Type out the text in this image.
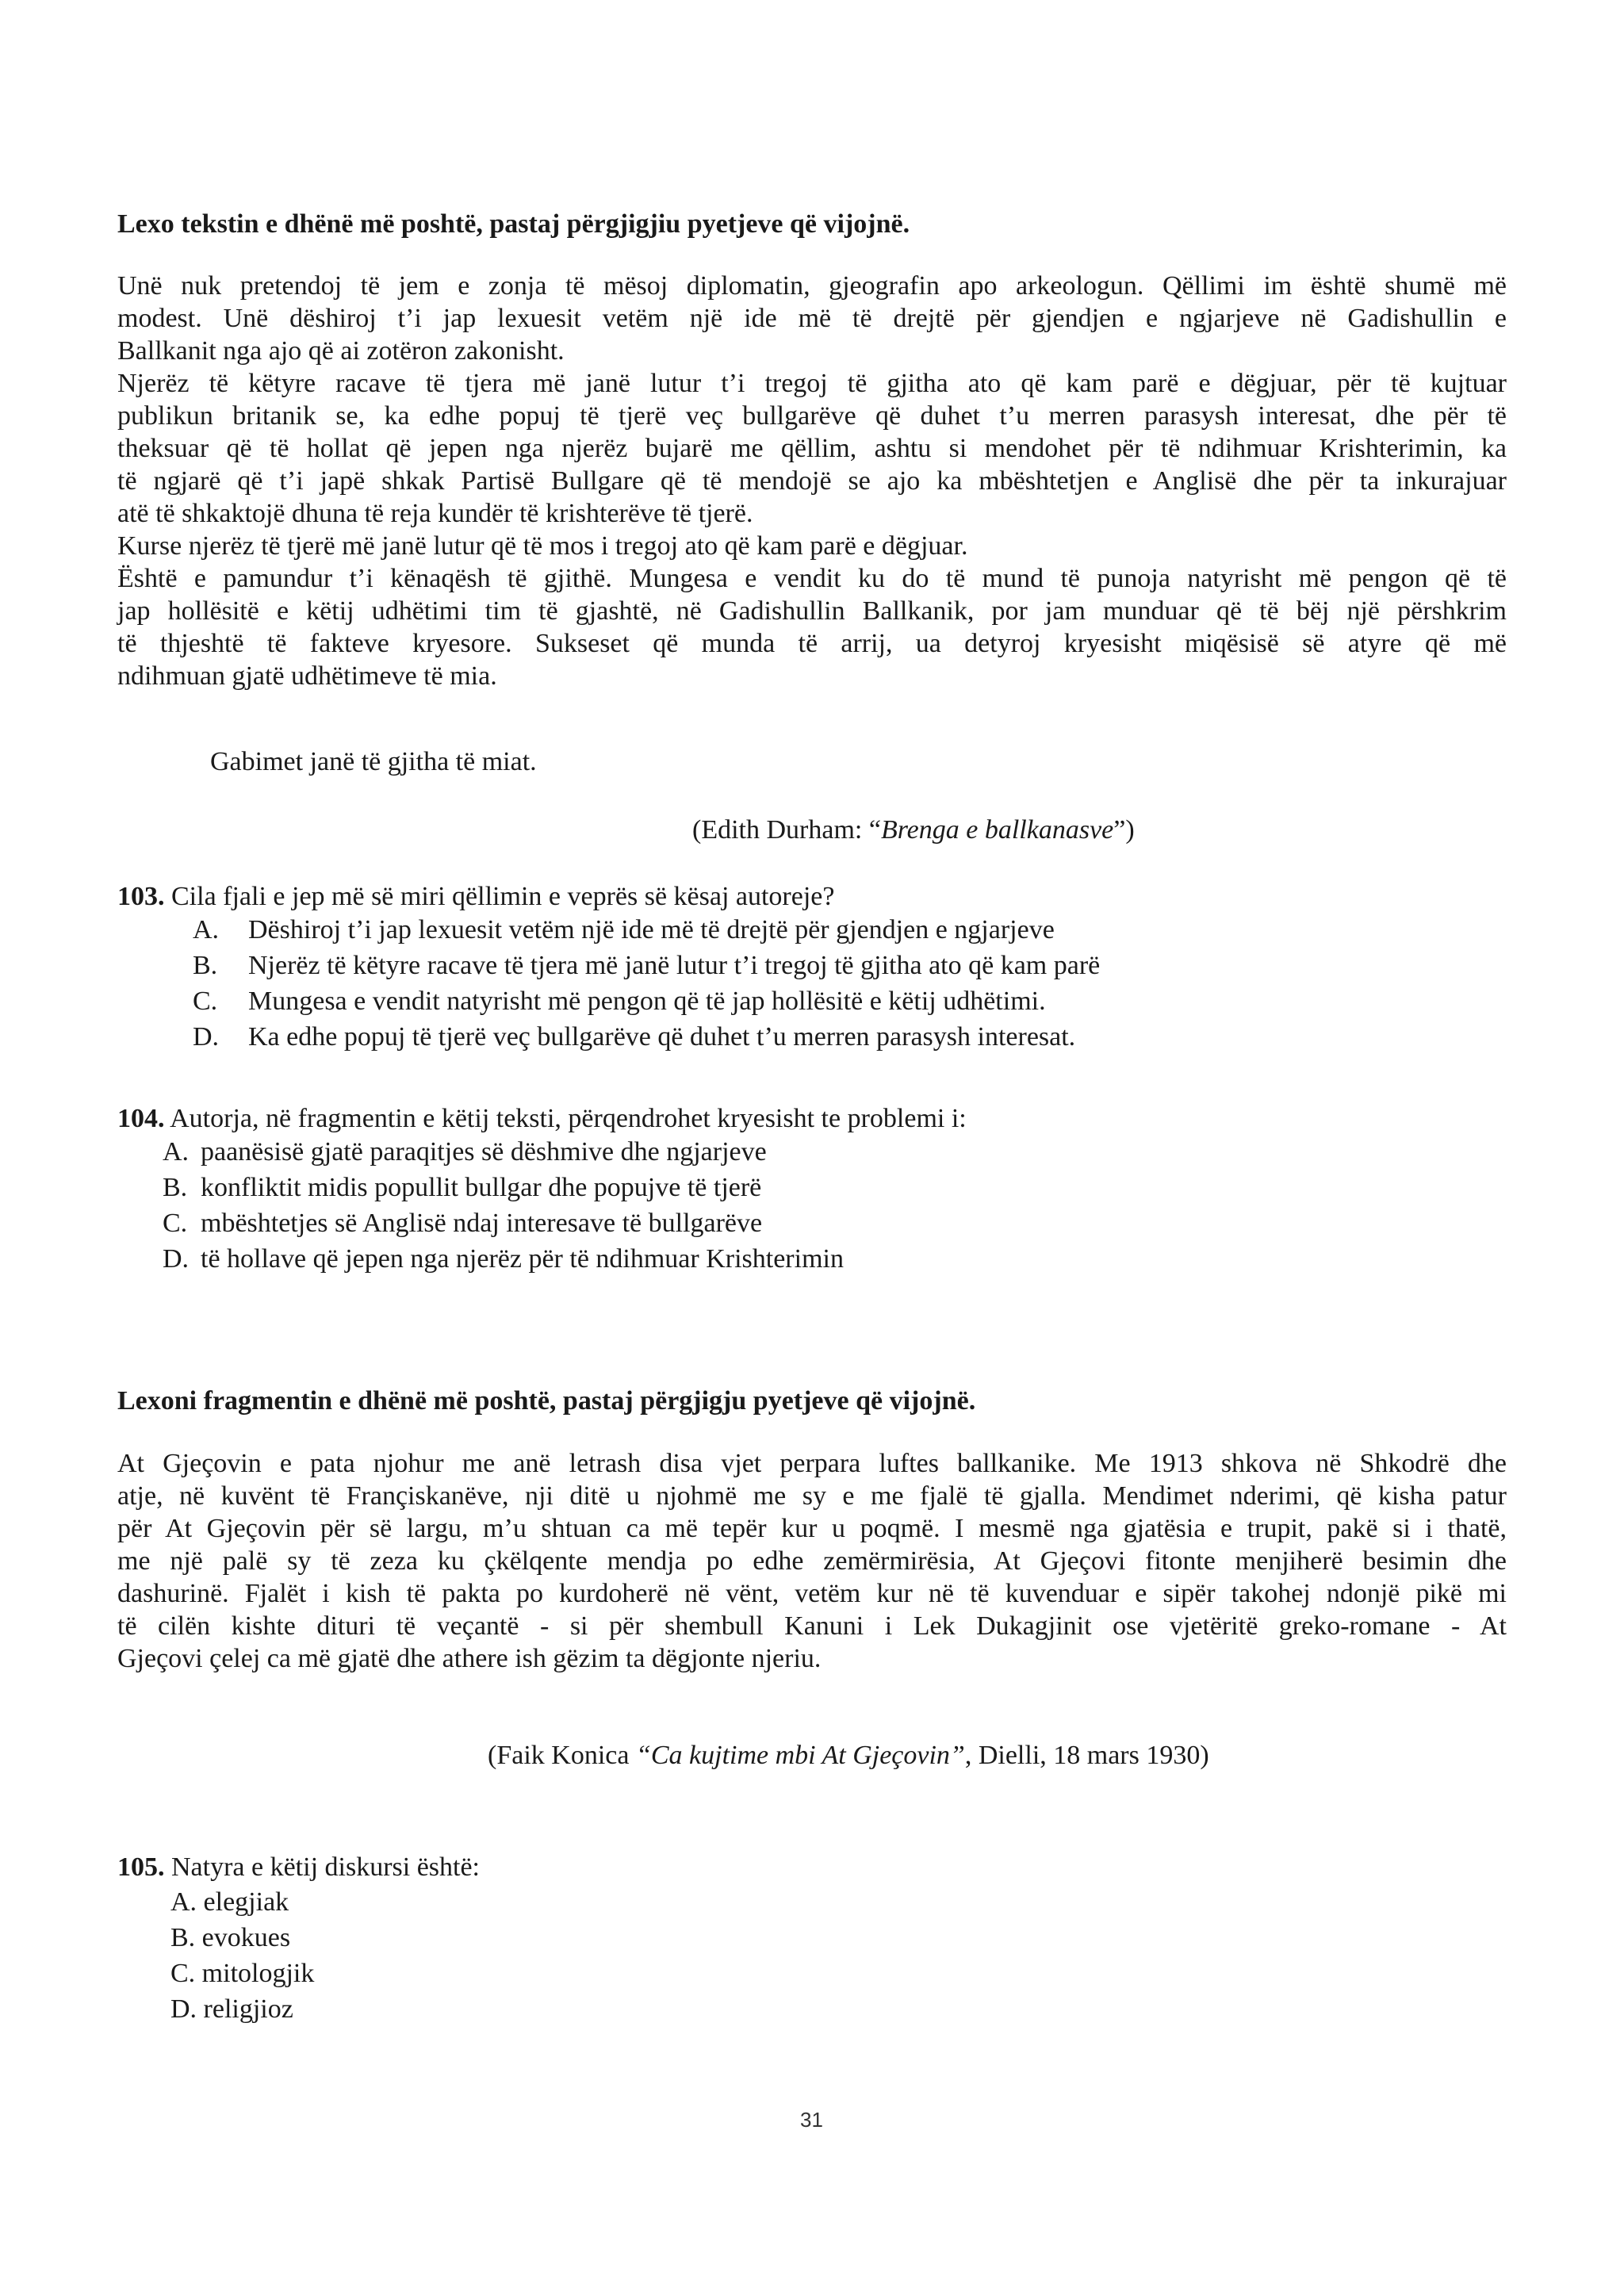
Lexo tekstin e dhënë më poshtë, pastaj përgjigjiu pyetjeve që vijojnë.
Unë nuk pretendoj të jem e zonja të mësoj diplomatin, gjeografin apo arkeologun. Qëllimi im është shumë më
modest. Unë dëshiroj t’i jap lexuesit vetëm një ide më të drejtë për gjendjen e ngjarjeve në Gadishullin e
Ballkanit nga ajo që ai zotëron zakonisht.
Njerëz të këtyre racave të tjera më janë lutur t’i tregoj të gjitha ato që kam parë e dëgjuar, për të kujtuar
publikun britanik se, ka edhe popuj të tjerë veç bullgarëve që duhet t’u merren parasysh interesat, dhe për të
theksuar që të hollat që jepen nga njerëz bujarë me qëllim, ashtu si mendohet për të ndihmuar Krishterimin, ka
të ngjarë që t’i japë shkak Partisë Bullgare që të mendojë se ajo ka mbështetjen e Anglisë dhe për ta inkurajuar
atë të shkaktojë dhuna të reja kundër të krishterëve të tjerë.
Kurse njerëz të tjerë më janë lutur që të mos i tregoj ato që kam parë e dëgjuar.
Është e pamundur t’i kënaqësh të gjithë. Mungesa e vendit ku do të mund të punoja natyrisht më pengon që të
jap hollësitë e këtij udhëtimi tim të gjashtë, në Gadishullin Ballkanik, por jam munduar që të bëj një përshkrim
të thjeshtë të fakteve kryesore. Sukseset që munda të arrij, ua detyroj kryesisht miqësisë së atyre që më
ndihmuan gjatë udhëtimeve të mia.
Gabimet janë të gjitha të miat.
(Edith Durham: “Brenga e ballkanasve”)
103. Cila fjali e jep më së miri qëllimin e veprës së kësaj autoreje?
A. Dëshiroj t’i jap lexuesit vetëm një ide më të drejtë për gjendjen e ngjarjeve
B. Njerëz të këtyre racave të tjera më janë lutur t’i tregoj të gjitha ato që kam parë
C. Mungesa e vendit natyrisht më pengon që të jap hollësitë e këtij udhëtimi.
D. Ka edhe popuj të tjerë veç bullgarëve që duhet t’u merren parasysh interesat.
104. Autorja, në fragmentin e këtij teksti, përqendrohet kryesisht te problemi i:
A. paanësisë gjatë paraqitjes së dëshmive dhe ngjarjeve
B. konfliktit midis popullit bullgar dhe popujve të tjerë
C. mbështetjes së Anglisë ndaj interesave të bullgarëve
D. të hollave që jepen nga njerëz për të ndihmuar Krishterimin
Lexoni fragmentin e dhënë më poshtë, pastaj përgjigju pyetjeve që vijojnë.
At Gjeçovin e pata njohur me anë letrash disa vjet perpara luftes ballkanike. Me 1913 shkova në Shkodrë dhe
atje, në kuvënt të Françiskanëve, nji ditë u njohmë me sy e me fjalë të gjalla. Mendimet nderimi, që kisha patur
për At Gjeçovin për së largu, m’u shtuan ca më tepër kur u poqmë. I mesmë nga gjatësia e trupit, pakë si i thatë,
me një palë sy të zeza ku çkëlqente mendja po edhe zemërmirësia, At Gjeçovi fitonte menjiherë besimin dhe
dashurinë. Fjalët i kish të pakta po kurdoherë në vënt, vetëm kur në të kuvenduar e sipër takohej ndonjë pikë mi
të cilën kishte dituri të veçantë - si për shembull Kanuni i Lek Dukagjinit ose vjetëritë greko-romane - At
Gjeçovi çelej ca më gjatë dhe athere ish gëzim ta dëgjonte njeriu.
(Faik Konica “Ca kujtime mbi At Gjeçovin”, Dielli, 18 mars 1930)
105. Natyra e këtij diskursi është:
A. elegjiak
B. evokues
C. mitologjik
D. religjioz
31
